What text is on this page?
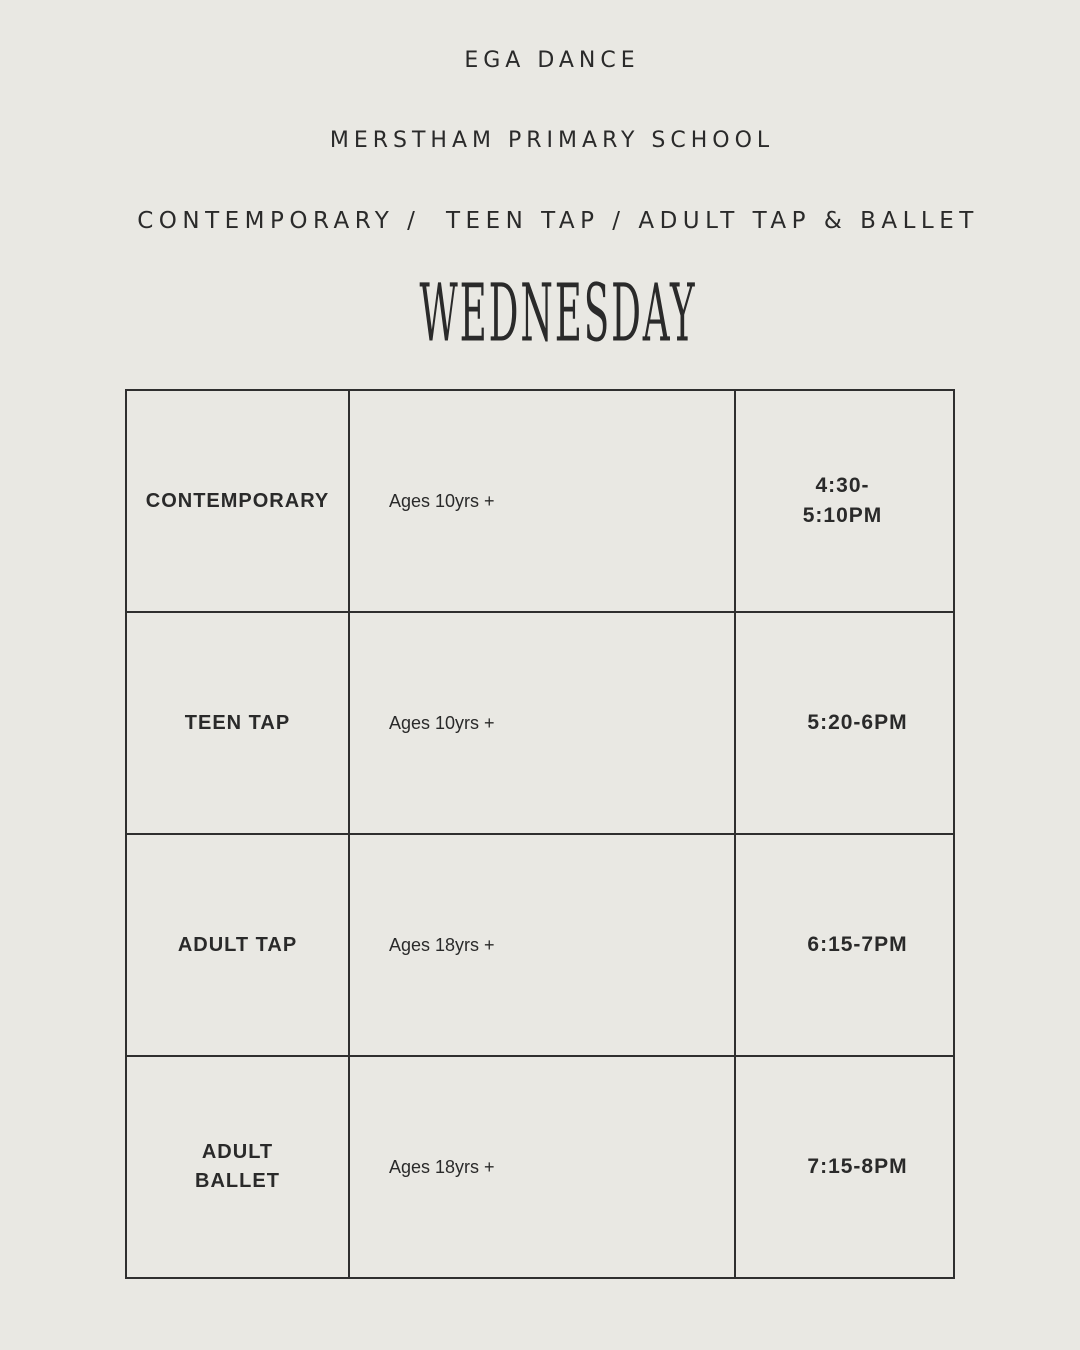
EGA DANCE
MERSTHAM PRIMARY SCHOOL
CONTEMPORARY /  TEEN TAP / ADULT TAP & BALLET
WEDNESDAY
CONTEMPORARY	Ages 10yrs +	4:30-5:10PM
TEEN TAP	Ages 10yrs +	5:20-6PM
ADULT TAP	Ages 18yrs +	6:15-7PM
ADULT BALLET	Ages 18yrs +	7:15-8PM
